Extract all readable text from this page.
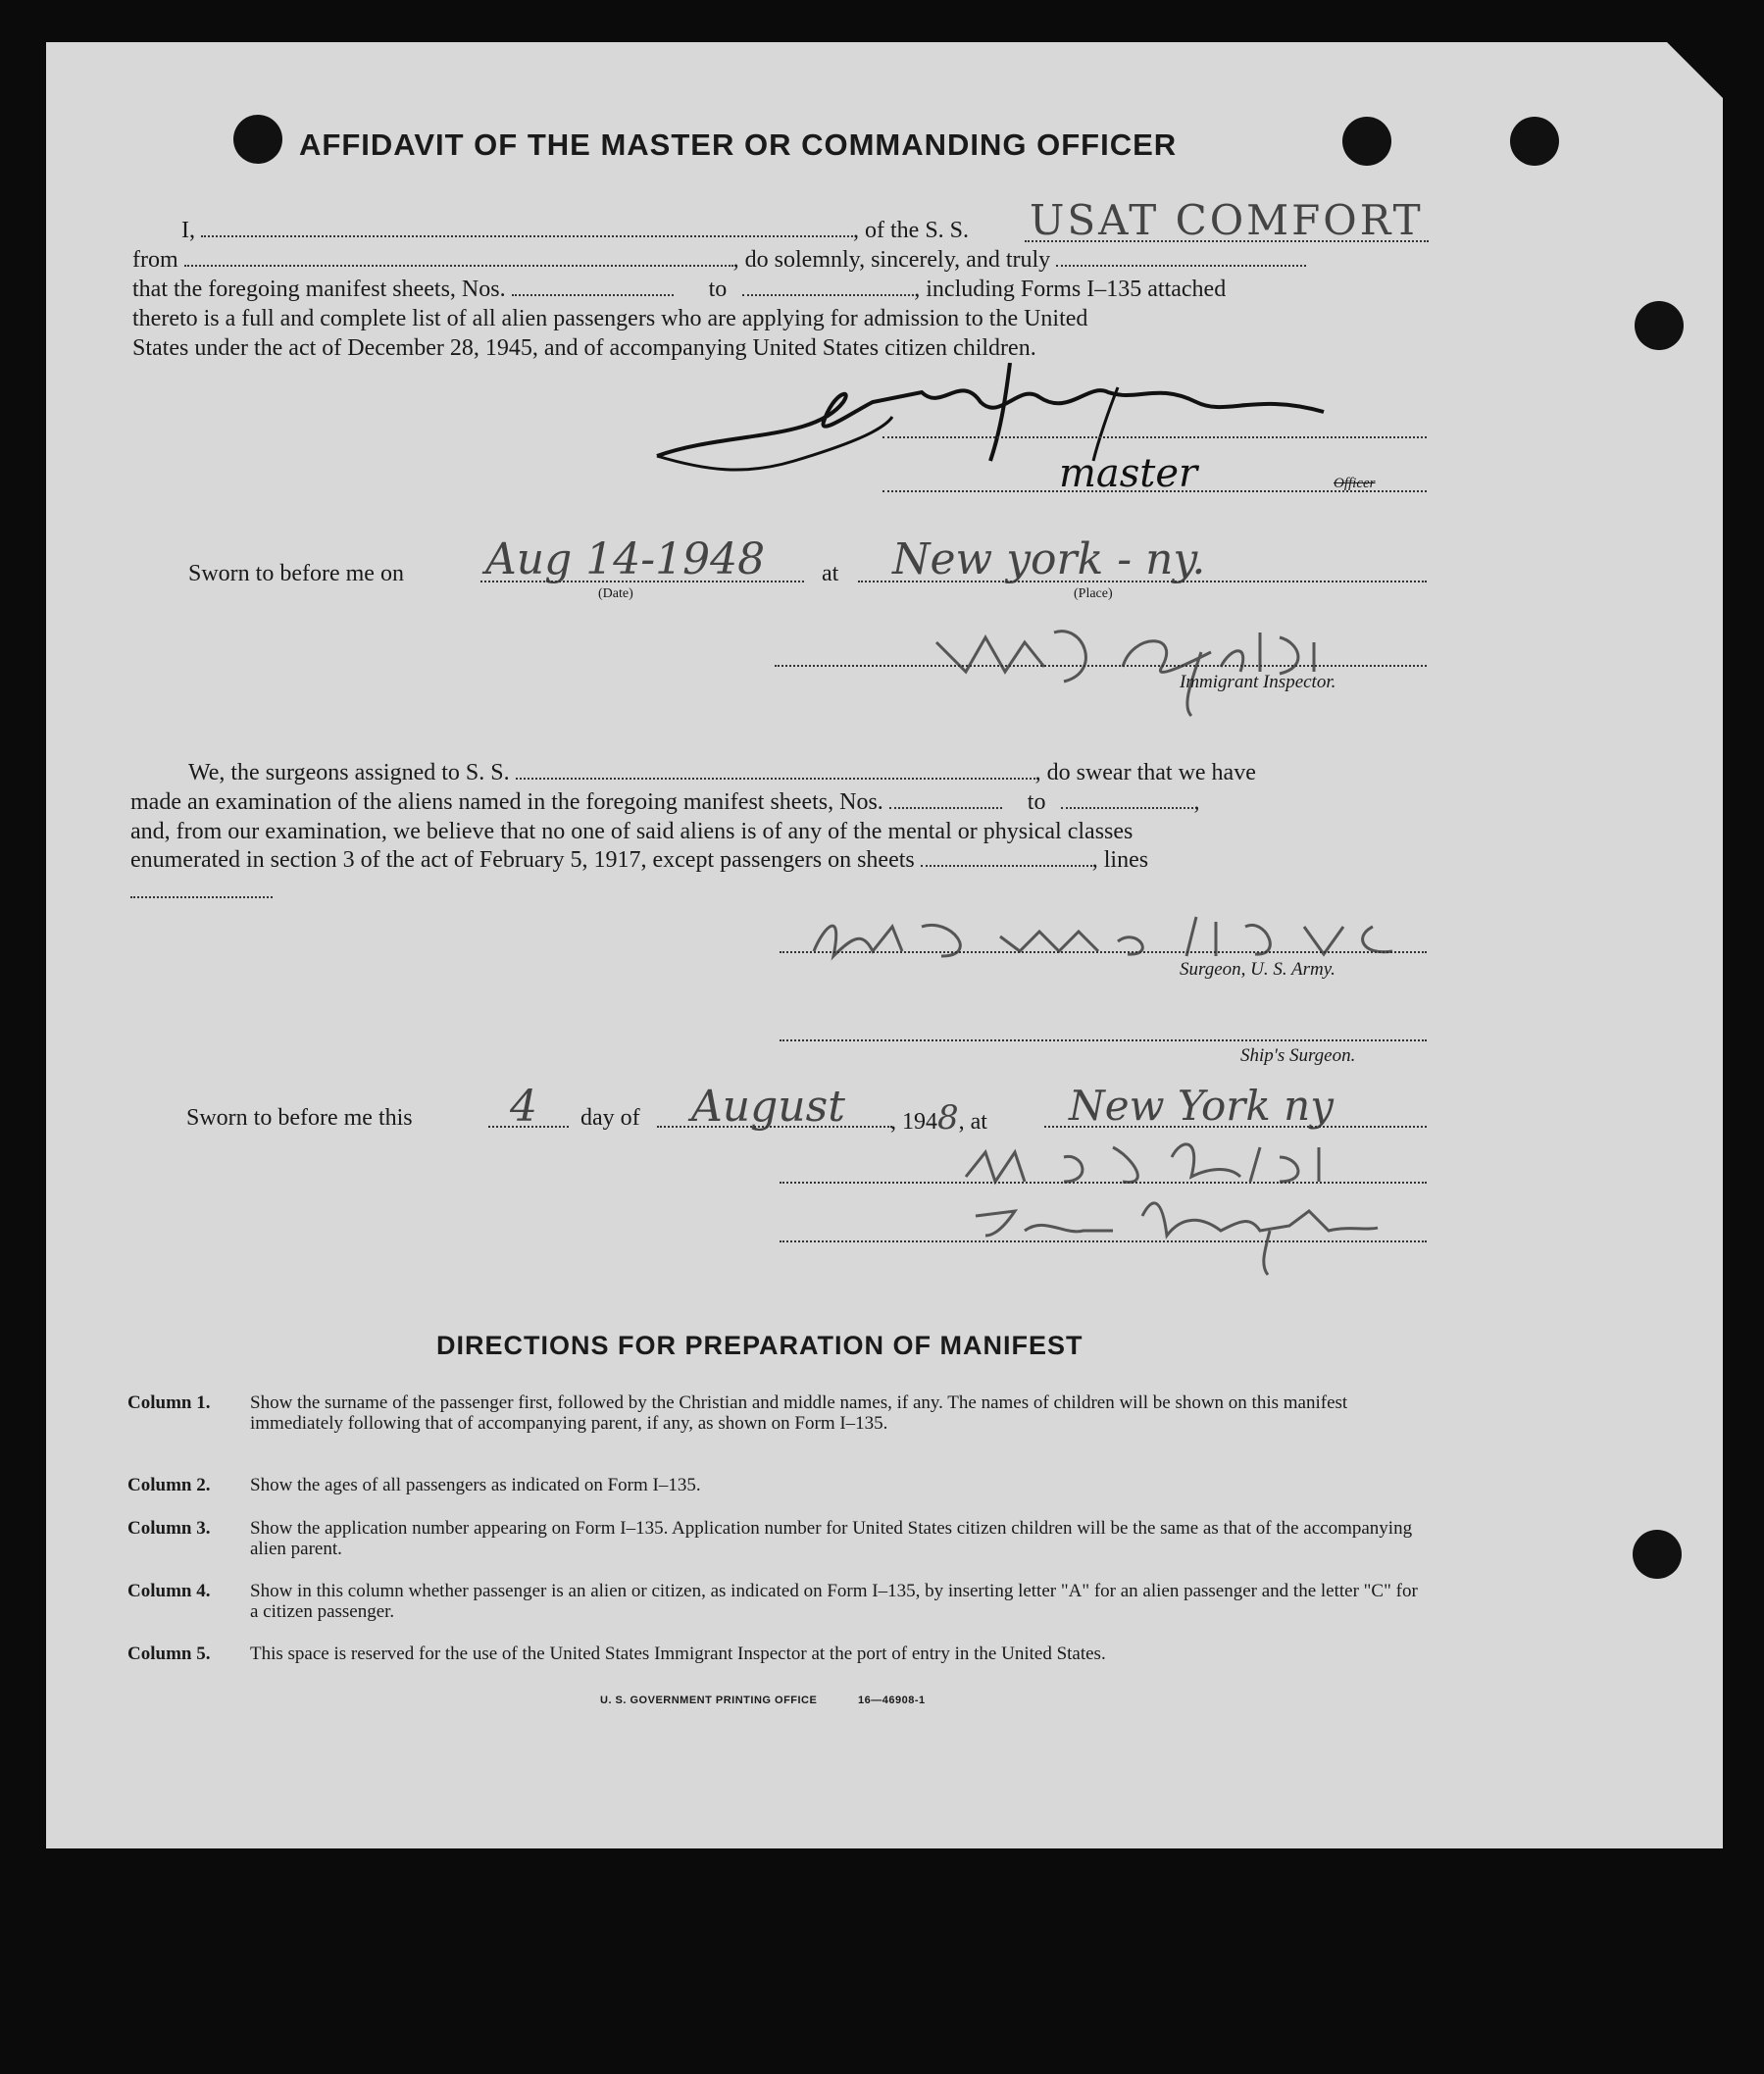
AFFIDAVIT OF THE MASTER OR COMMANDING OFFICER
I,	, of the S. S. USAT COMFORT
from	, do solemnly, sincerely, and truly
that the foregoing manifest sheets, Nos.	to	, including Forms I–135 attached
thereto is a full and complete list of all alien passengers who are applying for admission to the United
States under the act of December 28, 1945, and of accompanying United States citizen children.
master	Officer
Sworn to before me on Aug 14-1948
(Date)
at New york - ny.
(Place)
Immigrant Inspector.
We, the surgeons assigned to S. S.	, do swear that we have
made an examination of the aliens named in the foregoing manifest sheets, Nos.	to	,
and, from our examination, we believe that no one of said aliens is of any of the mental or physical classes
enumerated in section 3 of the act of February 5, 1917, except passengers on sheets	, lines
Surgeon, U. S. Army.
Ship's Surgeon.
Sworn to before me this 4 day of August , 1948, at New York ny
DIRECTIONS FOR PREPARATION OF MANIFEST
Column 1. Show the surname of the passenger first, followed by the Christian and middle names, if any. The names of children will be shown on this manifest immediately following that of accompanying parent, if any, as shown on Form I–135.
Column 2. Show the ages of all passengers as indicated on Form I–135.
Column 3. Show the application number appearing on Form I–135. Application number for United States citizen children will be the same as that of the accompanying alien parent.
Column 4. Show in this column whether passenger is an alien or citizen, as indicated on Form I–135, by inserting letter "A" for an alien passenger and the letter "C" for a citizen passenger.
Column 5. This space is reserved for the use of the United States Immigrant Inspector at the port of entry in the United States.
U. S. GOVERNMENT PRINTING OFFICE	16—46908-1
